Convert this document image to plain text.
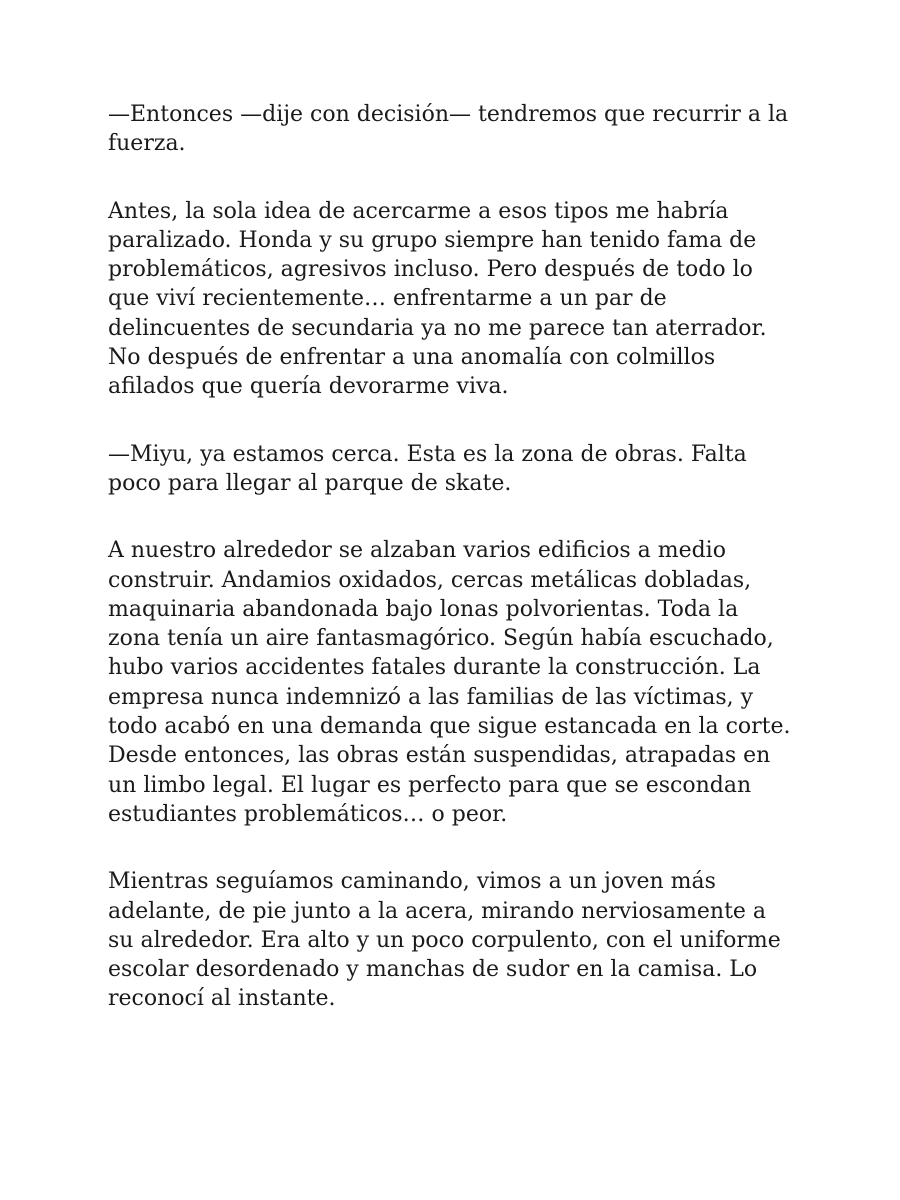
—Entonces —dije con decisión— tendremos que recurrir a la
fuerza.

Antes, la sola idea de acercarme a esos tipos me habría
paralizado. Honda y su grupo siempre han tenido fama de
problemáticos, agresivos incluso. Pero después de todo lo
que viví recientemente… enfrentarme a un par de
delincuentes de secundaria ya no me parece tan aterrador.
No después de enfrentar a una anomalía con colmillos
afilados que quería devorarme viva.

—Miyu, ya estamos cerca. Esta es la zona de obras. Falta
poco para llegar al parque de skate.

A nuestro alrededor se alzaban varios edificios a medio
construir. Andamios oxidados, cercas metálicas dobladas,
maquinaria abandonada bajo lonas polvorientas. Toda la
zona tenía un aire fantasmagórico. Según había escuchado,
hubo varios accidentes fatales durante la construcción. La
empresa nunca indemnizó a las familias de las víctimas, y
todo acabó en una demanda que sigue estancada en la corte.
Desde entonces, las obras están suspendidas, atrapadas en
un limbo legal. El lugar es perfecto para que se escondan
estudiantes problemáticos… o peor.

Mientras seguíamos caminando, vimos a un joven más
adelante, de pie junto a la acera, mirando nerviosamente a
su alrededor. Era alto y un poco corpulento, con el uniforme
escolar desordenado y manchas de sudor en la camisa. Lo
reconocí al instante.
